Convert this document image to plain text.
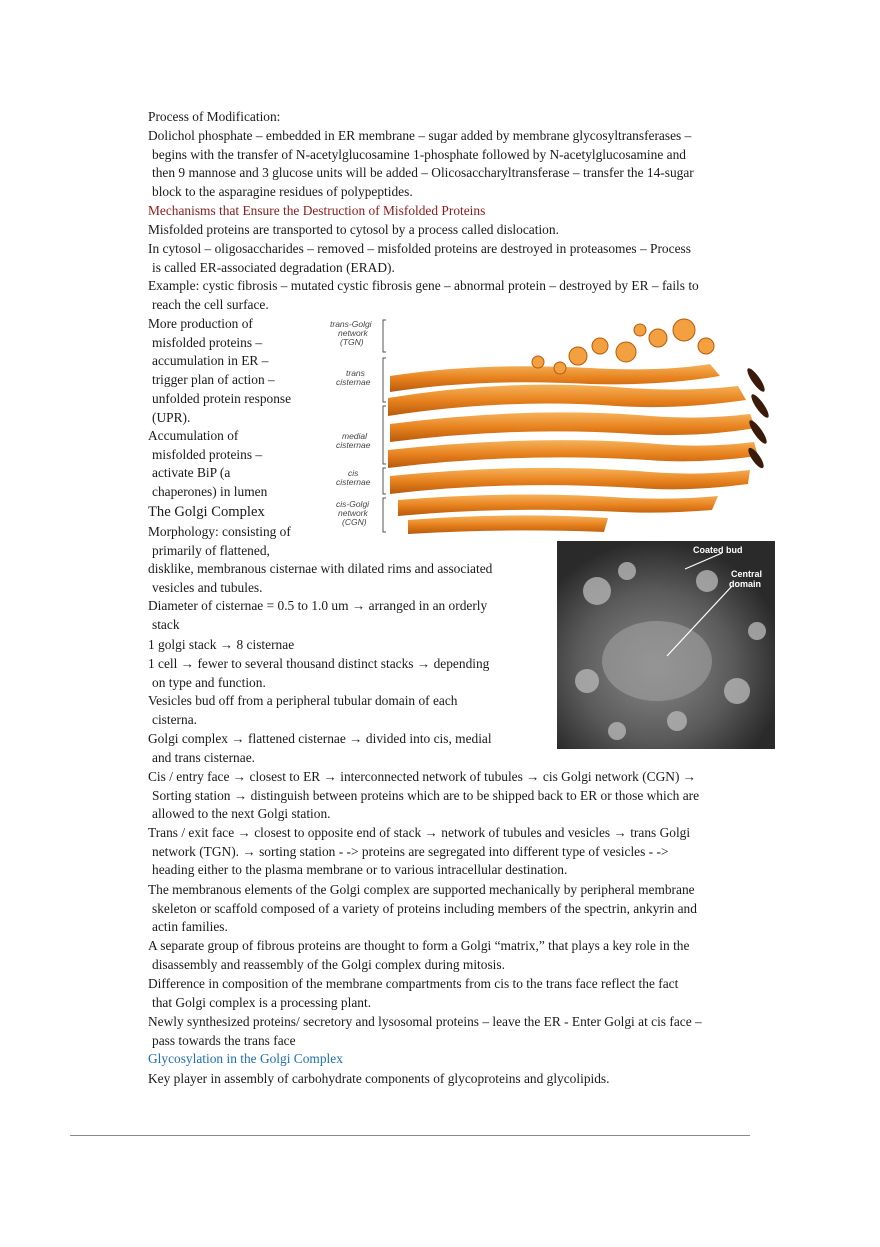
Process of Modification:
Dolichol phosphate – embedded in ER membrane – sugar added by membrane glycosyltransferases –
begins with the transfer of N-acetylglucosamine 1-phosphate followed by N-acetylglucosamine and
then 9 mannose and 3 glucose units will be added – Olicosaccharyltransferase – transfer the 14-sugar
block to the asparagine residues of polypeptides.
Mechanisms that Ensure the Destruction of Misfolded Proteins
Misfolded proteins are transported to cytosol by a process called dislocation.
In cytosol – oligosaccharides – removed – misfolded proteins are destroyed in proteasomes – Process
is called ER-associated degradation (ERAD).
Example: cystic fibrosis – mutated cystic fibrosis gene – abnormal protein – destroyed by ER – fails to
reach the cell surface.
More production of
misfolded proteins –
accumulation in ER –
trigger plan of action –
unfolded protein response
(UPR).
Accumulation of
misfolded proteins –
activate BiP (a
chaperones) in lumen
The Golgi Complex
Morphology: consisting of
primarily of flattened,
disklike, membranous cisternae with dilated rims and associated
vesicles and tubules.
Diameter of cisternae = 0.5 to 1.0 um → arranged in an orderly
stack
1 golgi stack → 8 cisternae
1 cell → fewer to several thousand distinct stacks → depending
on type and function.
Vesicles bud off from a peripheral tubular domain of each
cisterna.
Golgi complex → flattened cisternae → divided into cis, medial
and trans cisternae.
Cis / entry face → closest to ER → interconnected network of tubules → cis Golgi network (CGN) →
Sorting station → distinguish between proteins which are to be shipped back to ER or those which are
allowed to the next Golgi station.
Trans / exit face → closest to opposite end of stack → network of tubules and vesicles → trans Golgi
network (TGN). → sorting station - -> proteins are segregated into different type of vesicles - ->
heading either to the plasma membrane or to various intracellular destination.
The membranous elements of the Golgi complex are supported mechanically by peripheral membrane
skeleton or scaffold composed of a variety of proteins including members of the spectrin, ankyrin and
actin families.
A separate group of fibrous proteins are thought to form a Golgi “matrix,” that plays a key role in the
disassembly and reassembly of the Golgi complex during mitosis.
Difference in composition of the membrane compartments from cis to the trans face reflect the fact
that Golgi complex is a processing plant.
Newly synthesized proteins/ secretory and lysosomal proteins – leave the ER - Enter Golgi at cis face –
pass towards the trans face
Glycosylation in the Golgi Complex
Key player in assembly of carbohydrate components of glycoproteins and glycolipids.
trans-Golgi
network
(TGN)
trans
cisternae
medial
cisternae
cis
cisternae
cis-Golgi
network
(CGN)
Coated bud
Central
domain
